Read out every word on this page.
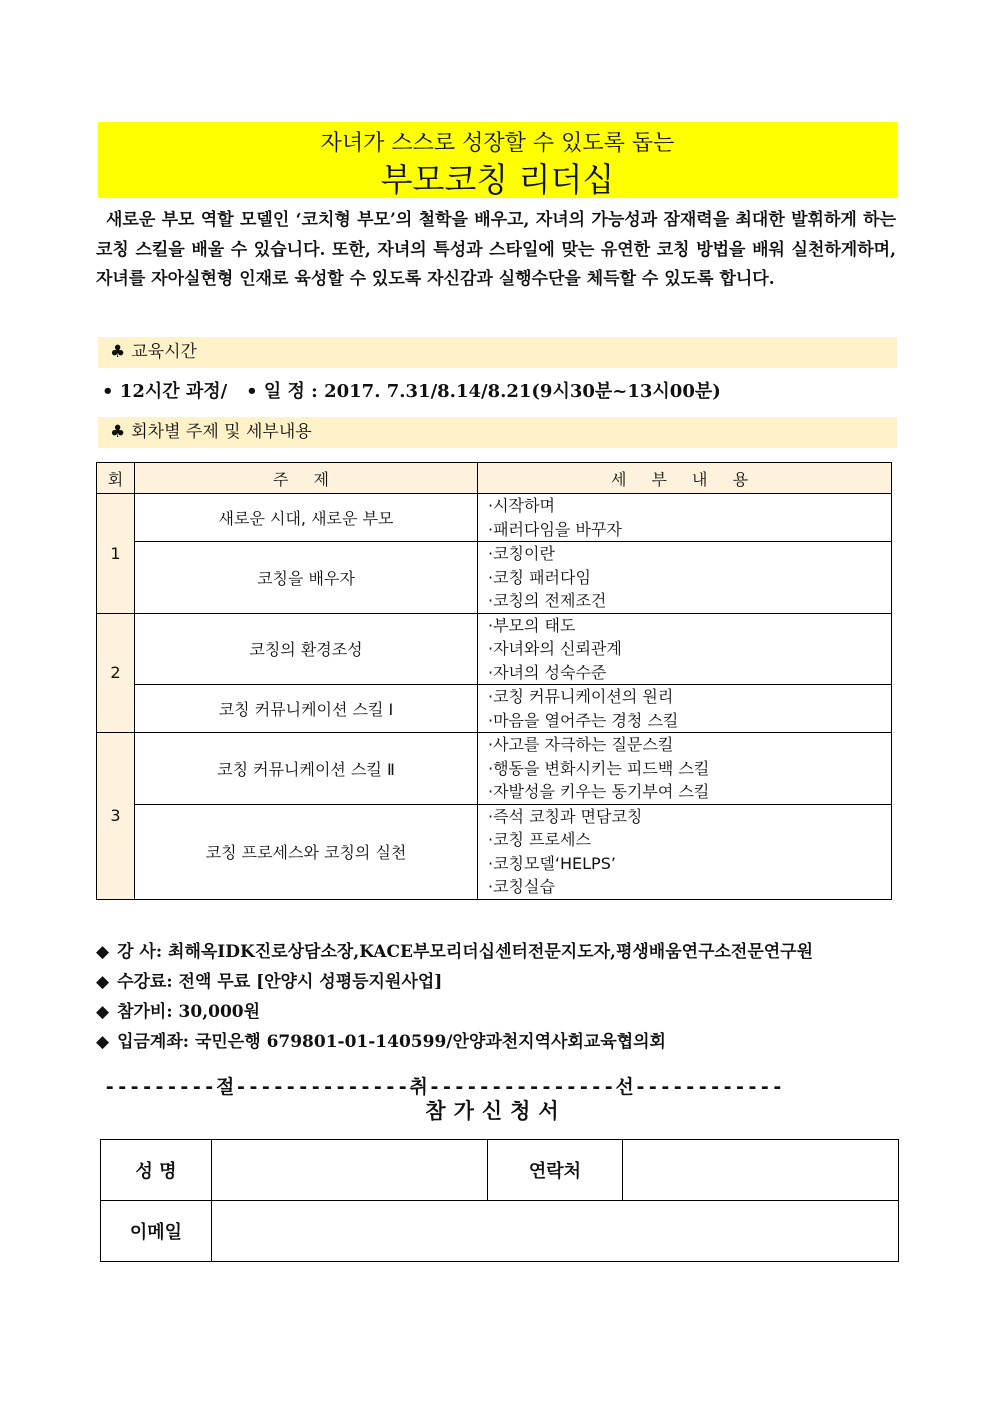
자녀가 스스로 성장할 수 있도록 돕는
부모코칭 리더십
새로운 부모 역할 모델인 ‘코치형 부모’의 철학을 배우고, 자녀의 가능성과 잠재력을 최대한 발휘하게 하는 코칭 스킬을 배울 수 있습니다. 또한, 자녀의 특성과 스타일에 맞는 유연한 코칭 방법을 배워 실천하게하며, 자녀를 자아실현형 인재로 육성할 수 있도록 자신감과 실행수단을 체득할 수 있도록 합니다.
♣ 교육시간
• 12시간 과정/ • 일 정 : 2017. 7.31/8.14/8.21(9시30분~13시00분)
♣ 회차별 주제 및 세부내용
회	주 제	세 부 내 용
1	새로운 시대, 새로운 부모	·시작하며
·패러다임을 바꾸자

	코칭을 배우자	·코칭이란
·코칭 패러다임
·코칭의 전제조건

2	코칭의 환경조성	·부모의 태도
·자녀와의 신뢰관계
·자녀의 성숙수준

	코칭 커뮤니케이션 스킬 Ⅰ	·코칭 커뮤니케이션의 원리
·마음을 열어주는 경청 스킬

3	코칭 커뮤니케이션 스킬 Ⅱ	·사고를 자극하는 질문스킬
·행동을 변화시키는 피드백 스킬
·자발성을 키우는 동기부여 스킬

	코칭 프로세스와 코칭의 실천	·즉석 코칭과 면담코칭
·코칭 프로세스
·코칭모델‘HELPS’
·코칭실습
◆ 강 사: 최해옥IDK진로상담소장,KACE부모리더십센터전문지도자,평생배움연구소전문연구원
◆ 수강료: 전액 무료 [안양시 성평등지원사업]
◆ 참가비: 30,000원
◆ 입금계좌: 국민은행 679801-01-140599/안양과천지역사회교육협의회
---------절--------------취---------------선------------
참가신청서
성 명		연락처	
이메일			
